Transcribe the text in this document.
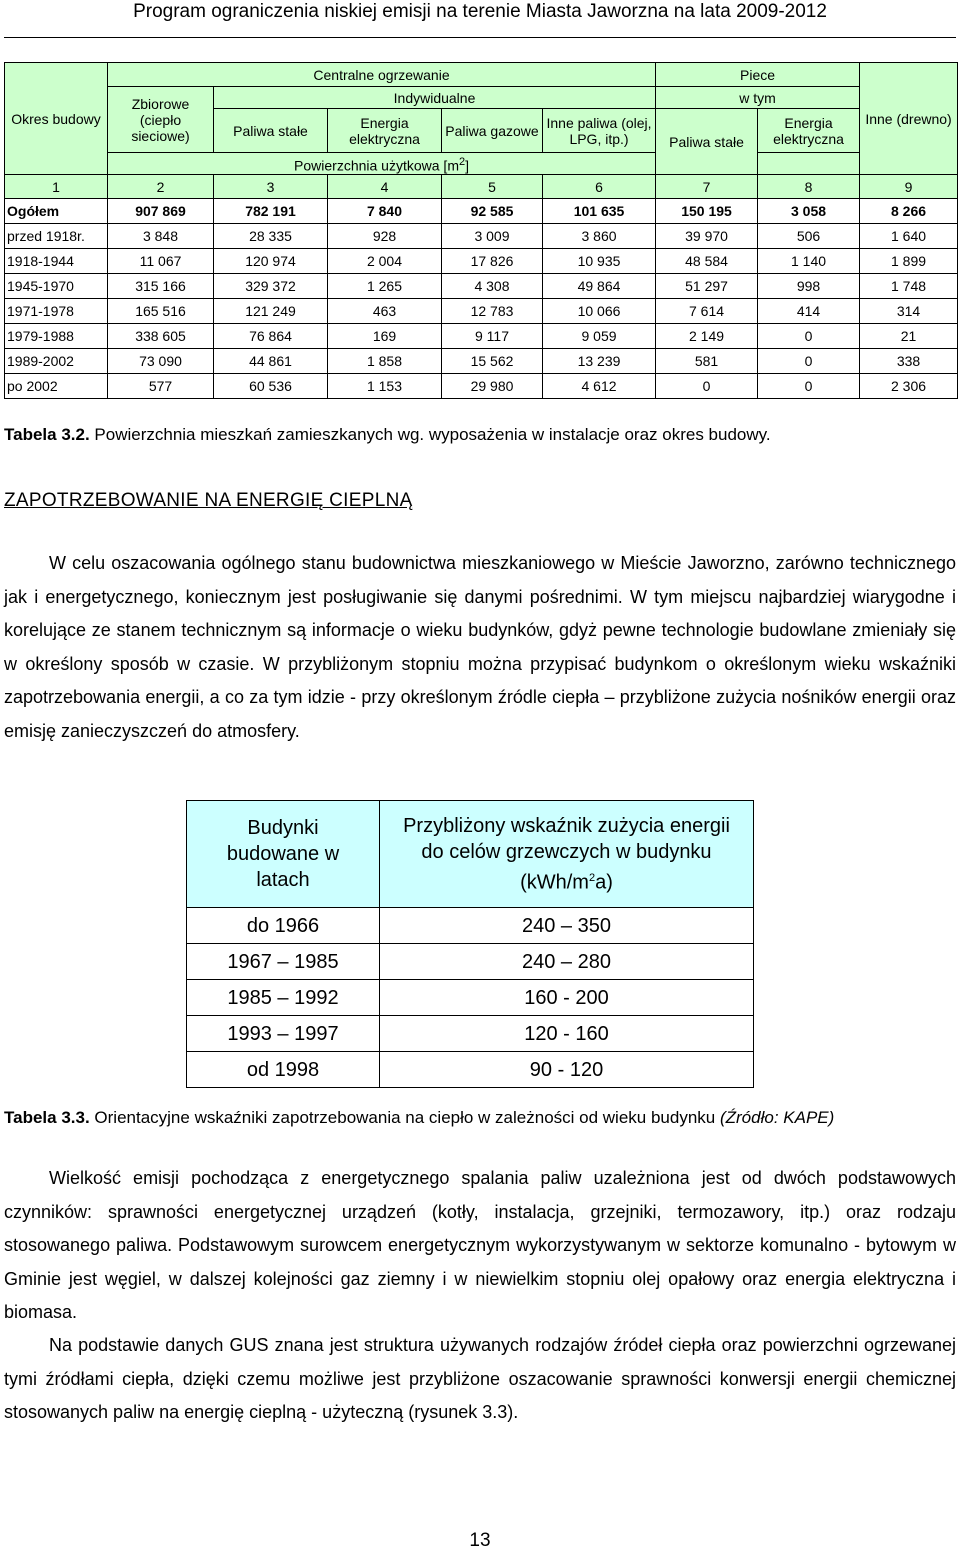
Program ograniczenia niskiej emisji na terenie Miasta Jaworzna na lata 2009-2012
Okres budowy	Centralne ogrzewanie					Piece		Inne (drewno)
	Zbiorowe (ciepło sieciowe)	Indywidualne				w tym		
		Paliwa stałe	Energia elektryczna	Paliwa gazowe	Inne paliwa (olej, LPG, itp.)	Paliwa stałe	Energia elektryczna	
	Powierzchnia użytkowa $[m^2]$							
1	2	3	4	5	6	7	8	9
Ogółem	907 869	782 191	7 840	92 585	101 635	150 195	3 058	8 266
przed 1918r.	3 848	28 335	928	3 009	3 860	39 970	506	1 640
1918-1944	11 067	120 974	2 004	17 826	10 935	48 584	1 140	1 899
1945-1970	315 166	329 372	1 265	4 308	49 864	51 297	998	1 748
1971-1978	165 516	121 249	463	12 783	10 066	7 614	414	314
1979-1988	338 605	76 864	169	9 117	9 059	2 149	0	21
1989-2002	73 090	44 861	1 858	15 562	13 239	581	0	338
po 2002	577	60 536	1 153	29 980	4 612	0	0	2 306
Tabela 3.2. Powierzchnia mieszkań zamieszkanych wg. wyposażenia w instalacje oraz okres budowy.
ZAPOTRZEBOWANIE NA ENERGIĘ CIEPLNĄ

W celu oszacowania ogólnego stanu budownictwa mieszkaniowego w Mieście Jaworzno, zarówno technicznego jak i energetycznego, koniecznym jest posługiwanie się danymi pośrednimi. W tym miejscu najbardziej wiarygodne i korelujące ze stanem technicznym są informacje o wieku budynków, gdyż pewne technologie budowlane zmieniały się w określony sposób w czasie. W przybliżonym stopniu można przypisać budynkom o określonym wieku wskaźniki zapotrzebowania energii, a co za tym idzie - przy określonym źródle ciepła – przybliżone zużycia nośników energii oraz emisję zanieczyszczeń do atmosfery.

Budynki budowane w latach	Przybliżony wskaźnik zużycia energii do celów grzewczych w budynku $(kWh/m^2a)$
do 1966	240 – 350
1967 – 1985	240 – 280
1985 – 1992	160 - 200
1993 – 1997	120 - 160
od 1998	90 - 120
Tabela 3.3. Orientacyjne wskaźniki zapotrzebowania na ciepło w zależności od wieku budynku (Źródło: KAPE)

Wielkość emisji pochodząca z energetycznego spalania paliw uzależniona jest od dwóch podstawowych czynników: sprawności energetycznej urządzeń (kotły, instalacja, grzejniki, termozawory, itp.) oraz rodzaju stosowanego paliwa. Podstawowym surowcem energetycznym wykorzystywanym w sektorze komunalno - bytowym w Gminie jest węgiel, w dalszej kolejności gaz ziemny i w niewielkim stopniu olej opałowy oraz energia elektryczna i biomasa.

Na podstawie danych GUS znana jest struktura używanych rodzajów źródeł ciepła oraz powierzchni ogrzewanej tymi źródłami ciepła, dzięki czemu możliwe jest przybliżone oszacowanie sprawności konwersji energii chemicznej stosowanych paliw na energię cieplną - użyteczną (rysunek 3.3).

13
